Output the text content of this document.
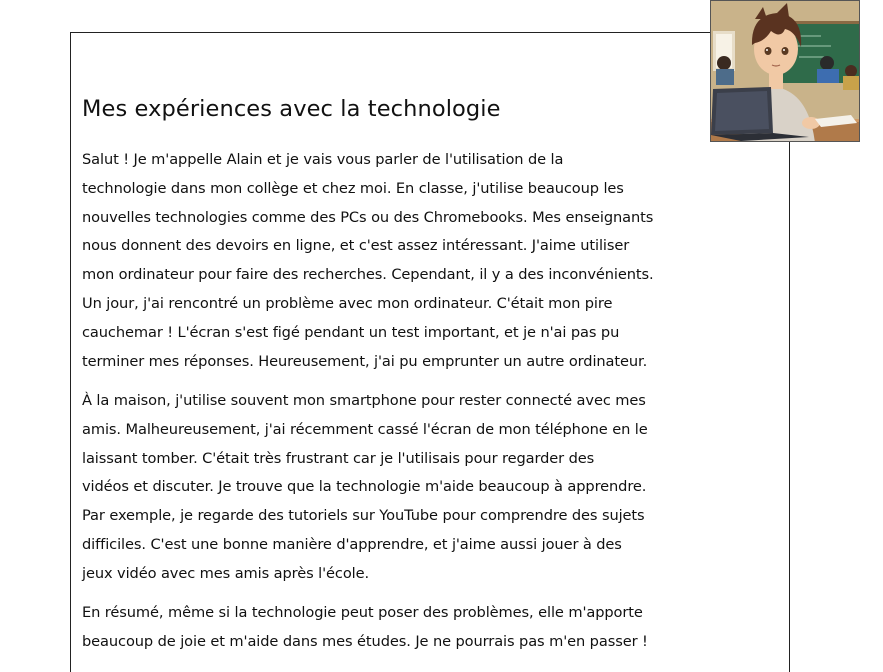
Mes expériences avec la technologie
Salut ! Je m'appelle Alain et je vais vous parler de l'utilisation de la
technologie dans mon collège et chez moi. En classe, j'utilise beaucoup les
nouvelles technologies comme des PCs ou des Chromebooks. Mes enseignants
nous donnent des devoirs en ligne, et c'est assez intéressant. J'aime utiliser
mon ordinateur pour faire des recherches. Cependant, il y a des inconvénients.
Un jour, j'ai rencontré un problème avec mon ordinateur. C'était mon pire
cauchemar ! L'écran s'est figé pendant un test important, et je n'ai pas pu
terminer mes réponses. Heureusement, j'ai pu emprunter un autre ordinateur.
À la maison, j'utilise souvent mon smartphone pour rester connecté avec mes
amis. Malheureusement, j'ai récemment cassé l'écran de mon téléphone en le
laissant tomber. C'était très frustrant car je l'utilisais pour regarder des
vidéos et discuter. Je trouve que la technologie m'aide beaucoup à apprendre.
Par exemple, je regarde des tutoriels sur YouTube pour comprendre des sujets
difficiles. C'est une bonne manière d'apprendre, et j'aime aussi jouer à des
jeux vidéo avec mes amis après l'école.
En résumé, même si la technologie peut poser des problèmes, elle m'apporte
beaucoup de joie et m'aide dans mes études. Je ne pourrais pas m'en passer !
